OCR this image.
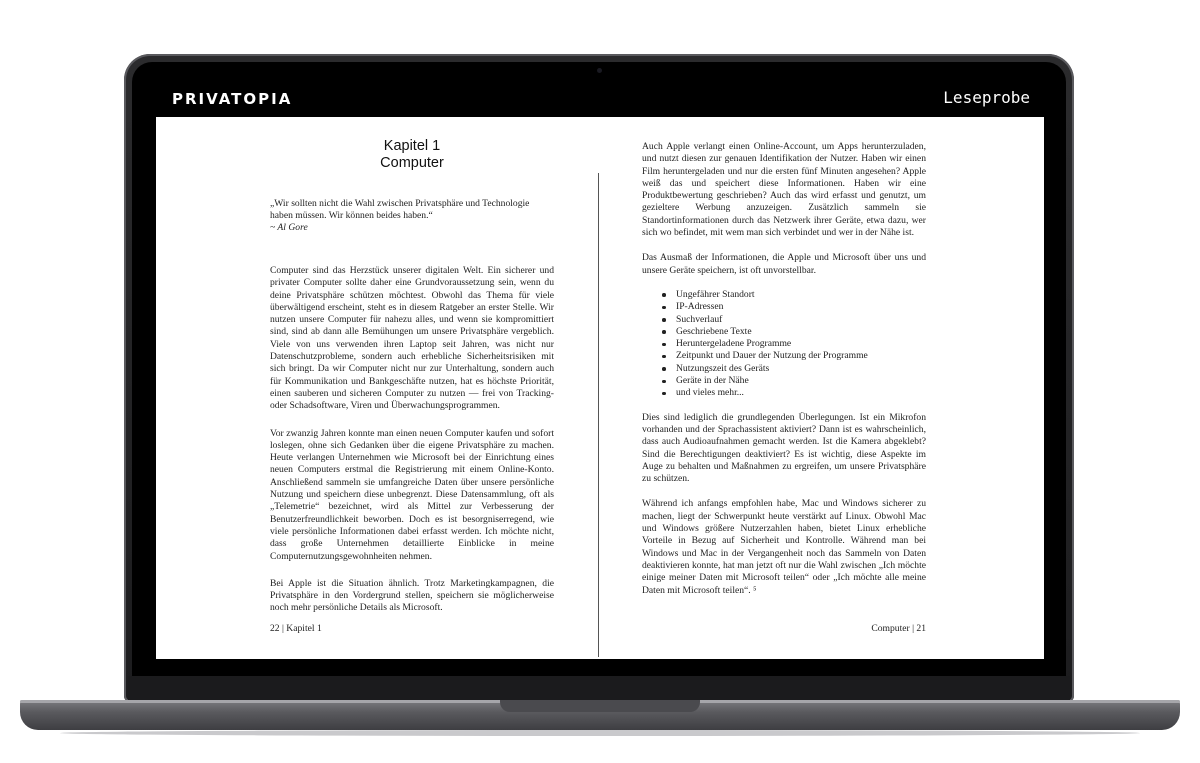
PRIVATOPIA	Leseprobe
Kapitel 1
Computer
„Wir sollten nicht die Wahl zwischen Privatsphäre und Technologie haben müssen. Wir können beides haben.“
~ Al Gore

Computer sind das Herzstück unserer digitalen Welt. Ein sicherer und privater Computer sollte daher eine Grundvoraussetzung sein, wenn du deine Privatsphäre schützen möchtest. Obwohl das Thema für viele überwältigend erscheint, steht es in diesem Ratgeber an erster Stelle. Wir nutzen unsere Computer für nahezu alles, und wenn sie kompromittiert sind, sind ab dann alle Bemühungen um unsere Privatsphäre vergeblich. Viele von uns verwenden ihren Laptop seit Jahren, was nicht nur Datenschutzprobleme, sondern auch erhebliche Sicherheitsrisiken mit sich bringt. Da wir Computer nicht nur zur Unterhaltung, sondern auch für Kommunikation und Bankgeschäfte nutzen, hat es höchste Priorität, einen sauberen und sicheren Computer zu nutzen — frei von Tracking- oder Schadsoftware, Viren und Überwachungsprogrammen.

Vor zwanzig Jahren konnte man einen neuen Computer kaufen und sofort loslegen, ohne sich Gedanken über die eigene Privatsphäre zu machen. Heute verlangen Unternehmen wie Microsoft bei der Einrichtung eines neuen Computers erstmal die Registrierung mit einem Online-Konto. Anschließend sammeln sie umfangreiche Daten über unsere persönliche Nutzung und speichern diese unbegrenzt. Diese Datensammlung, oft als „Telemetrie“ bezeichnet, wird als Mittel zur Verbesserung der Benutzerfreundlichkeit beworben. Doch es ist besorgniserregend, wie viele persönliche Informationen dabei erfasst werden. Ich möchte nicht, dass große Unternehmen detaillierte Einblicke in meine Computernutzungsgewohnheiten nehmen.

Bei Apple ist die Situation ähnlich. Trotz Marketingkampagnen, die Privatsphäre in den Vordergrund stellen, speichern sie möglicherweise noch mehr persönliche Details als Microsoft.

Auch Apple verlangt einen Online-Account, um Apps herunterzuladen, und nutzt diesen zur genauen Identifikation der Nutzer. Haben wir einen Film heruntergeladen und nur die ersten fünf Minuten angesehen? Apple weiß das und speichert diese Informationen. Haben wir eine Produktbewertung geschrieben? Auch das wird erfasst und genutzt, um gezieltere Werbung anzuzeigen. Zusätzlich sammeln sie Standortinformationen durch das Netzwerk ihrer Geräte, etwa dazu, wer sich wo befindet, mit wem man sich verbindet und wer in der Nähe ist.

Das Ausmaß der Informationen, die Apple und Microsoft über uns und unsere Geräte speichern, ist oft unvorstellbar.

Ungefährer Standort
IP-Adressen
Suchverlauf
Geschriebene Texte
Heruntergeladene Programme
Zeitpunkt und Dauer der Nutzung der Programme
Nutzungszeit des Geräts
Geräte in der Nähe
und vieles mehr...

Dies sind lediglich die grundlegenden Überlegungen. Ist ein Mikrofon vorhanden und der Sprachassistent aktiviert? Dann ist es wahrscheinlich, dass auch Audioaufnahmen gemacht werden. Ist die Kamera abgeklebt? Sind die Berechtigungen deaktiviert? Es ist wichtig, diese Aspekte im Auge zu behalten und Maßnahmen zu ergreifen, um unsere Privatsphäre zu schützen.

Während ich anfangs empfohlen habe, Mac und Windows sicherer zu machen, liegt der Schwerpunkt heute verstärkt auf Linux. Obwohl Mac und Windows größere Nutzerzahlen haben, bietet Linux erhebliche Vorteile in Bezug auf Sicherheit und Kontrolle. Während man bei Windows und Mac in der Vergangenheit noch das Sammeln von Daten deaktivieren konnte, hat man jetzt oft nur die Wahl zwischen „Ich möchte einige meiner Daten mit Microsoft teilen“ oder „Ich möchte alle meine Daten mit Microsoft teilen“. ⁵

22 | Kapitel 1	Computer | 21
